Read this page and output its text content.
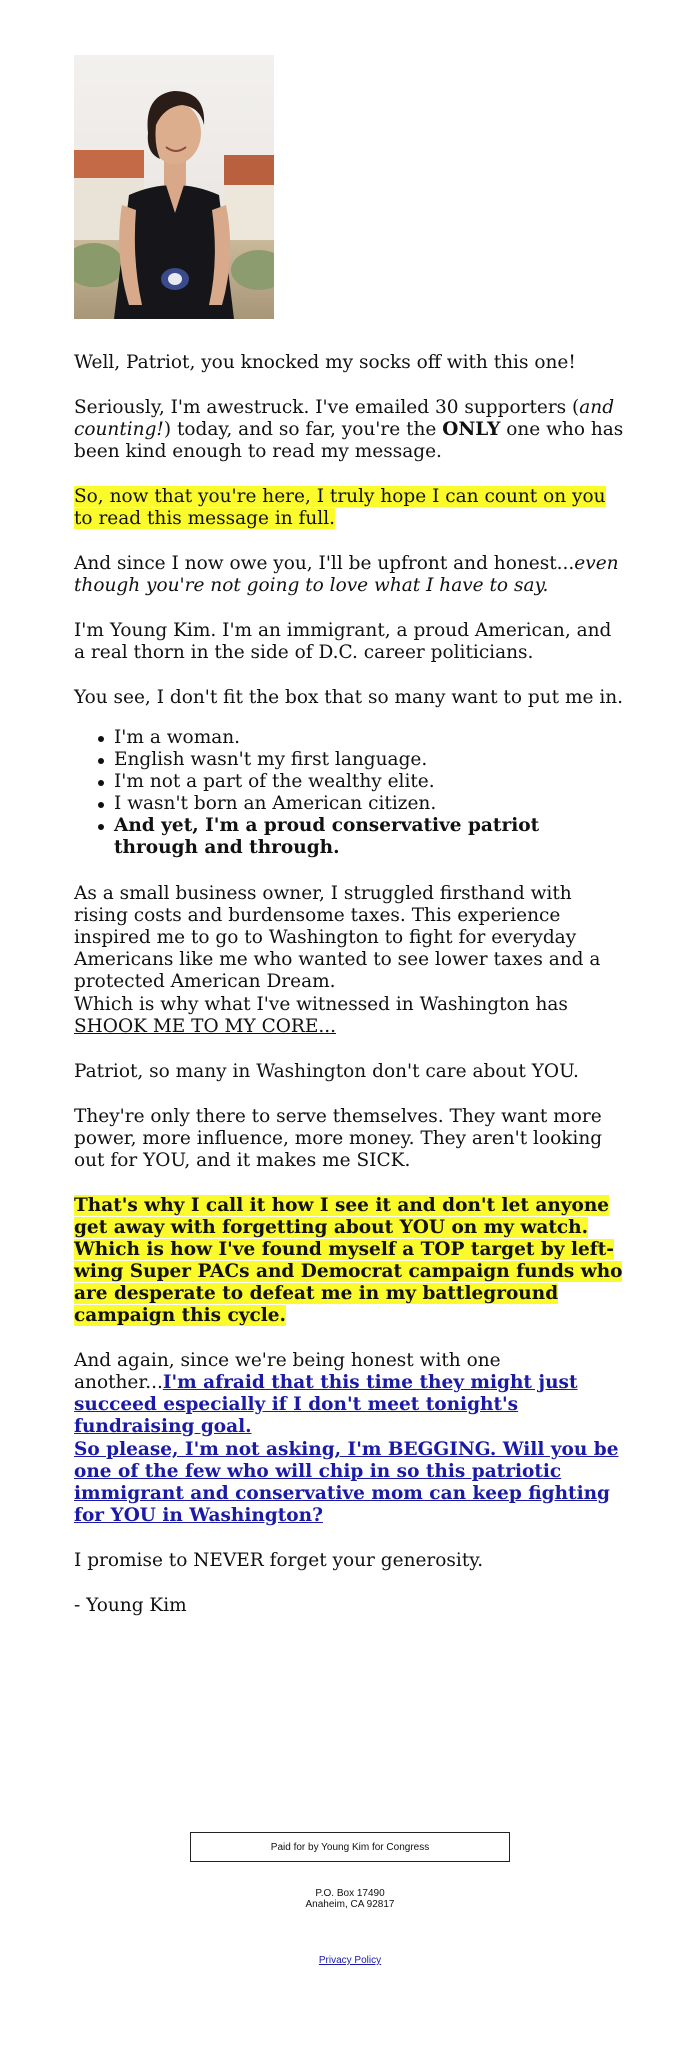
Well, Patriot, you knocked my socks off with this one!

Seriously, I'm awestruck. I've emailed 30 supporters (and counting!) today, and so far, you're the ONLY one who has been kind enough to read my message.

So, now that you're here, I truly hope I can count on you to read this message in full.

And since I now owe you, I'll be upfront and honest...even though you're not going to love what I have to say.

I'm Young Kim. I'm an immigrant, a proud American, and a real thorn in the side of D.C. career politicians.

You see, I don't fit the box that so many want to put me in.

I'm a woman.
English wasn't my first language.
I'm not a part of the wealthy elite.
I wasn't born an American citizen.
And yet, I'm a proud conservative patriot through and through.

As a small business owner, I struggled firsthand with rising costs and burdensome taxes. This experience inspired me to go to Washington to fight for everyday Americans like me who wanted to see lower taxes and a protected American Dream.

Which is why what I've witnessed in Washington has SHOOK ME TO MY CORE...

Patriot, so many in Washington don't care about YOU.

They're only there to serve themselves. They want more power, more influence, more money. They aren't looking out for YOU, and it makes me SICK.

That's why I call it how I see it and don't let anyone get away with forgetting about YOU on my watch. Which is how I've found myself a TOP target by left-wing Super PACs and Democrat campaign funds who are desperate to defeat me in my battleground campaign this cycle.

And again, since we're being honest with one another...I'm afraid that this time they might just succeed especially if I don't meet tonight's fundraising goal.

So please, I'm not asking, I'm BEGGING. Will you be one of the few who will chip in so this patriotic immigrant and conservative mom can keep fighting for YOU in Washington?

I promise to NEVER forget your generosity.

- Young Kim

Paid for by Young Kim for Congress
P.O. Box 17490
Anaheim, CA 92817
Privacy Policy
